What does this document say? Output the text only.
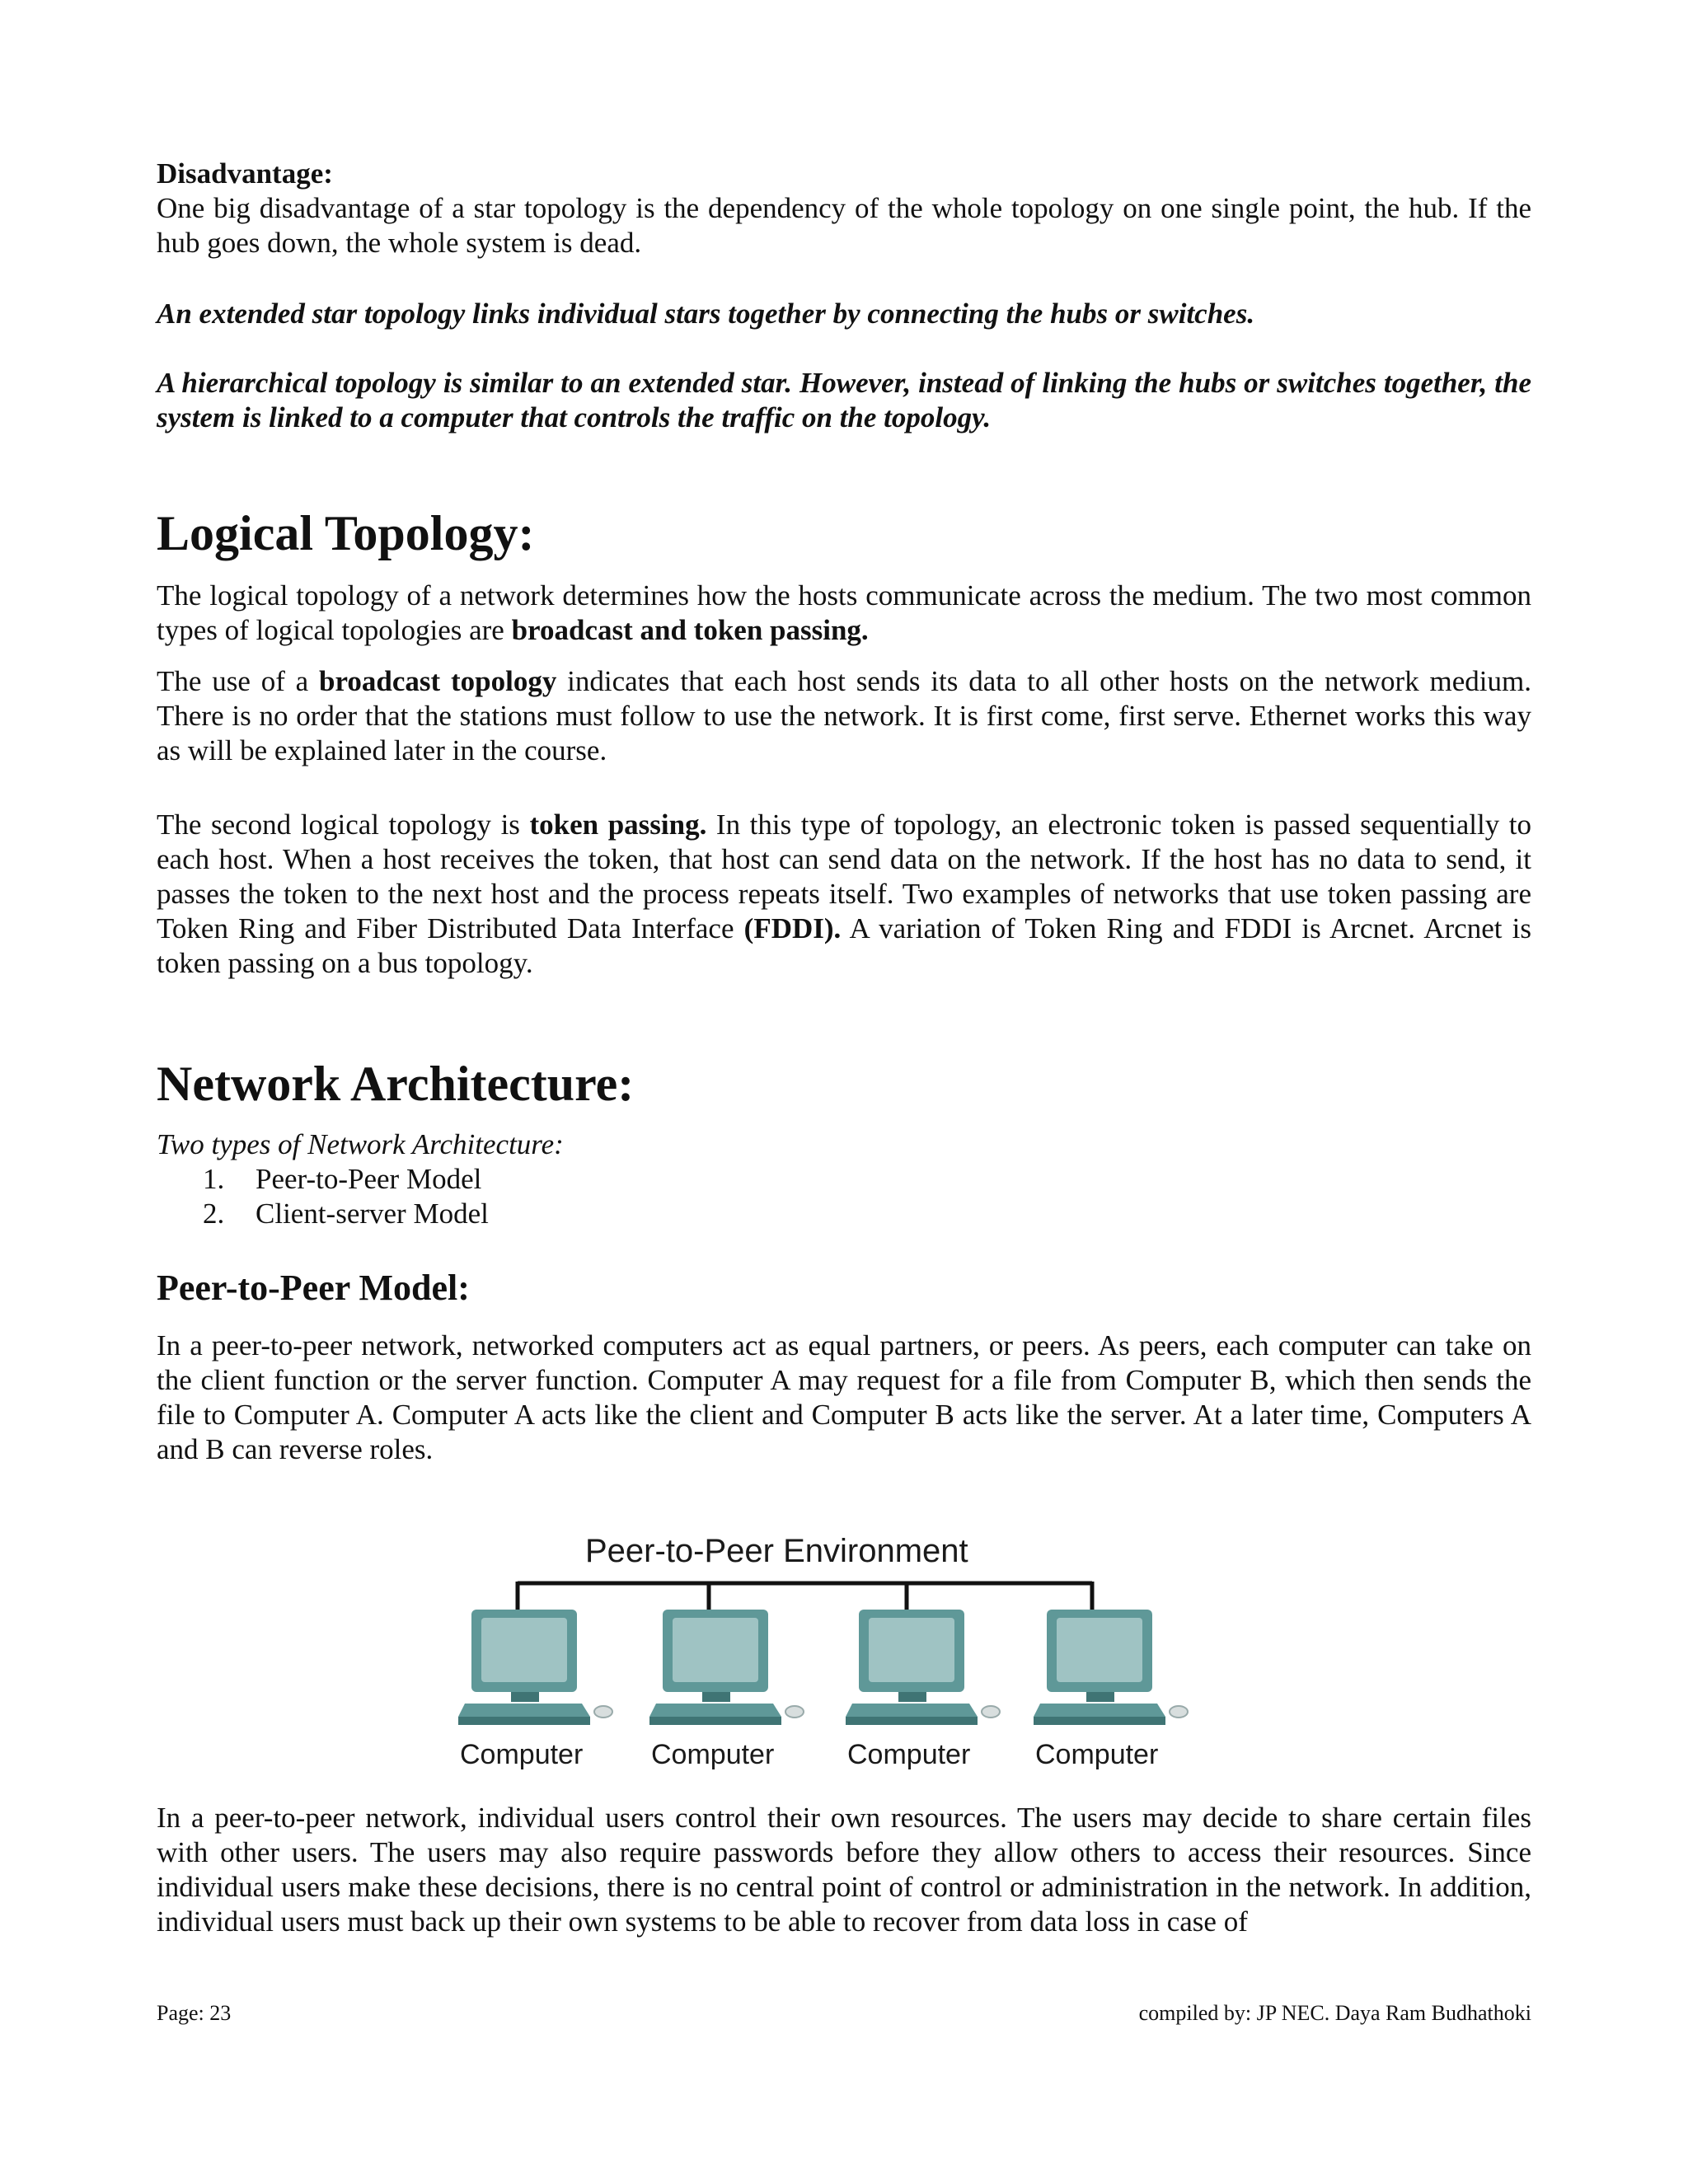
Disadvantage:
One big disadvantage of a star topology is the dependency of the whole topology on one single point, the hub. If the hub goes down, the whole system is dead.

An extended star topology links individual stars together by connecting the hubs or switches.

A hierarchical topology is similar to an extended star. However, instead of linking the hubs or switches together, the system is linked to a computer that controls the traffic on the topology.

Logical Topology:

The logical topology of a network determines how the hosts communicate across the medium. The two most common types of logical topologies are broadcast and token passing.

The use of a broadcast topology indicates that each host sends its data to all other hosts on the network medium. There is no order that the stations must follow to use the network. It is first come, first serve. Ethernet works this way as will be explained later in the course.

The second logical topology is token passing. In this type of topology, an electronic token is passed sequentially to each host. When a host receives the token, that host can send data on the network. If the host has no data to send, it passes the token to the next host and the process repeats itself. Two examples of networks that use token passing are Token Ring and Fiber Distributed Data Interface (FDDI). A variation of Token Ring and FDDI is Arcnet. Arcnet is token passing on a bus topology.

Network Architecture:

Two types of Network Architecture:

1. Peer-to-Peer Model
2. Client-server Model
Peer-to-Peer Model:

In a peer-to-peer network, networked computers act as equal partners, or peers. As peers, each computer can take on the client function or the server function. Computer A may request for a file from Computer B, which then sends the file to Computer A. Computer A acts like the client and Computer B acts like the server. At a later time, Computers A and B can reverse roles.

Peer-to-Peer Environment
Computer Computer	Computer Computer

In a peer-to-peer network, individual users control their own resources. The users may decide to share certain files with other users. The users may also require passwords before they allow others to access their resources. Since individual users make these decisions, there is no central point of control or administration in the network. In addition, individual users must back up their own systems to be able to recover from data loss in case of

Page: 23	compiled by: JP NEC. Daya Ram Budhathoki
